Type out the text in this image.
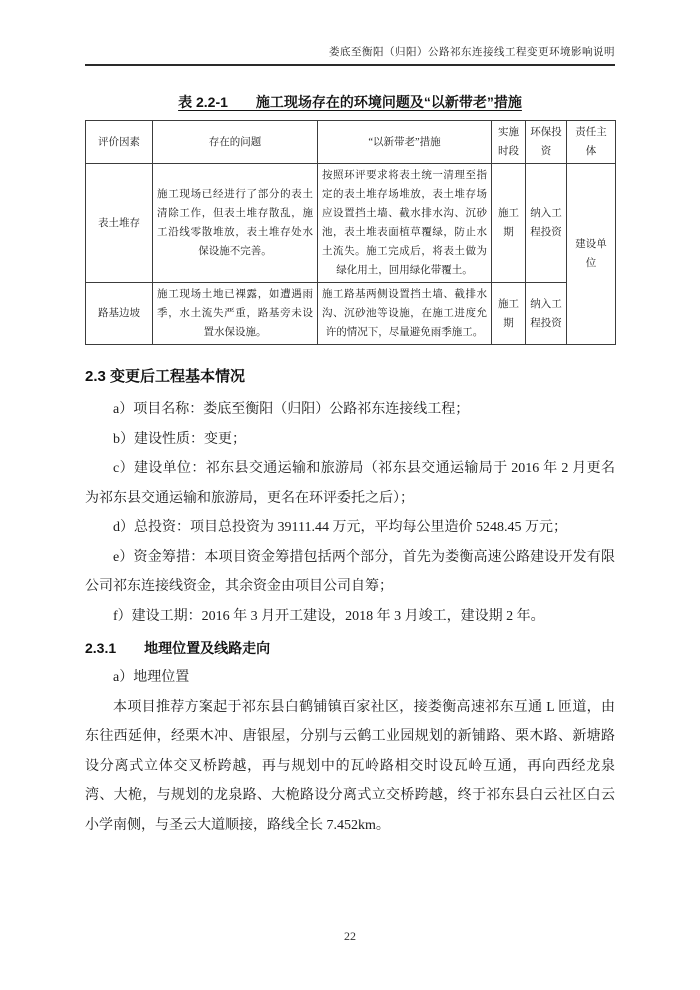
娄底至衡阳（归阳）公路祁东连接线工程变更环境影响说明
表 2.2-1　　施工现场存在的环境问题及“以新带老”措施
评价因素	存在的问题	“以新带老”措施	实施时段	环保投资	责任主体
表土堆存	施工现场已经进行了部分的表土清除工作，但表土堆存散乱，施工沿线零散堆放，表土堆存处水保设施不完善。	按照环评要求将表土统一清理至指定的表土堆存场堆放，表土堆存场应设置挡土墙、截水排水沟、沉砂池，表土堆表面植草覆绿，防止水土流失。施工完成后，将表土做为绿化用土，回用绿化带覆土。	施工期	纳入工程投资	建设单位
路基边坡	施工现场土地已裸露，如遭遇雨季，水土流失严重，路基旁未设置水保设施。	施工路基两侧设置挡土墙、截排水沟、沉砂池等设施，在施工进度允许的情况下，尽量避免雨季施工。	施工期	纳入工程投资	
2.3 变更后工程基本情况

a）项目名称：娄底至衡阳（归阳）公路祁东连接线工程；

b）建设性质：变更；

c）建设单位：祁东县交通运输和旅游局（祁东县交通运输局于 2016 年 2 月更名为祁东县交通运输和旅游局，更名在环评委托之后）；

d）总投资：项目总投资为 39111.44 万元，平均每公里造价 5248.45 万元；

e）资金筹措：本项目资金筹措包括两个部分，首先为娄衡高速公路建设开发有限公司祁东连接线资金，其余资金由项目公司自筹；

f）建设工期：2016 年 3 月开工建设，2018 年 3 月竣工，建设期 2 年。

2.3.1　　地理位置及线路走向

a）地理位置

本项目推荐方案起于祁东县白鹤铺镇百家社区，接娄衡高速祁东互通 L 匝道，由东往西延伸，经栗木冲、唐银屋，分别与云鹤工业园规划的新铺路、栗木路、新塘路设分离式立体交叉桥跨越，再与规划中的瓦岭路相交时设瓦岭互通，再向西经龙泉湾、大桅，与规划的龙泉路、大桅路设分离式立交桥跨越，终于祁东县白云社区白云小学南侧，与圣云大道顺接，路线全长 7.452km。

22
